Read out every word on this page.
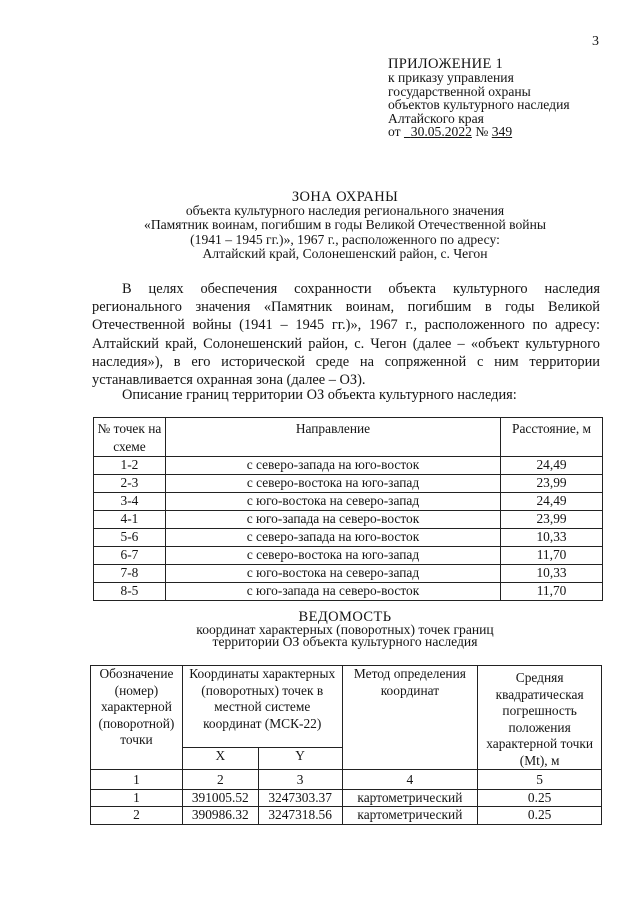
3
ПРИЛОЖЕНИЕ 1
к приказу управления
государственной охраны
объектов культурного наследия
Алтайского края
от 30.05.2022 № 349
ЗОНА ОХРАНЫ
объекта культурного наследия регионального значения
«Памятник воинам, погибшим в годы Великой Отечественной войны
(1941 – 1945 гг.)», 1967 г., расположенного по адресу:
Алтайский край, Солонешенский район, с. Чегон
В целях обеспечения сохранности объекта культурного наследия регионального значения «Памятник воинам, погибшим в годы Великой Отечественной войны (1941 – 1945 гг.)», 1967 г., расположенного по адресу: Алтайский край, Солонешенский район, с. Чегон (далее – «объект культурного наследия»), в его исторической среде на сопряженной с ним территории устанавливается охранная зона (далее – ОЗ).
Описание границ территории ОЗ объекта культурного наследия:
№ точек на схеме	Направление	Расстояние, м
1-2	с северо-запада на юго-восток	24,49
2-3	с северо-востока на юго-запад	23,99
3-4	с юго-востока на северо-запад	24,49
4-1	с юго-запада на северо-восток	23,99
5-6	с северо-запада на юго-восток	10,33
6-7	с северо-востока на юго-запад	11,70
7-8	с юго-востока на северо-запад	10,33
8-5	с юго-запада на северо-восток	11,70
ВЕДОМОСТЬ
координат характерных (поворотных) точек границ
территории ОЗ объекта культурного наследия
Обозначение (номер) характерной (поворотной) точки	Координаты характерных (поворотных) точек в местной системе координат (МСК-22)		Метод определения координат	Средняя квадратическая погрешность положения характерной точки (Mt), м
	X	Y		
1	2	3	4	5
1	391005.52	3247303.37	картометрический	0.25
2	390986.32	3247318.56	картометрический	0.25
